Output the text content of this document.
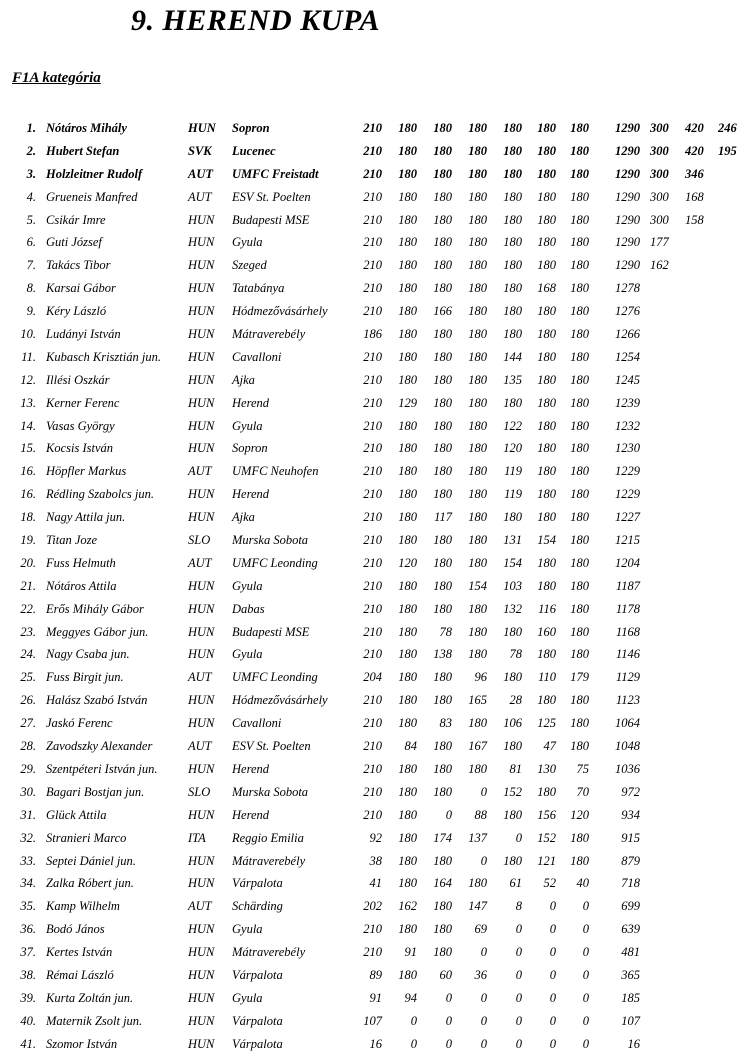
9. HEREND KUPA
F1A kategória
1. Nótáros Mihály	HUN Sopron	210	180	180	180	180	180	180	1290 300 420 246
2. Hubert Stefan	SVK Lucenec	210	180	180	180	180	180	180	1290 300 420 195
3. Holzleitner Rudolf	AUT UMFC Freistadt	210	180	180	180	180	180	180	1290 300 346
4. Grueneis Manfred	AUT ESV St. Poelten	210	180	180	180	180	180	180	1290 300 168
5. Csikár Imre	HUN Budapesti MSE	210	180	180	180	180	180	180	1290 300 158
6. Guti József	HUN Gyula	210	180	180	180	180	180	180	1290 177
7. Takács Tibor	HUN Szeged	210	180	180	180	180	180	180	1290 162
8. Karsai Gábor	HUN Tatabánya	210	180	180	180	180	168	180	1278
9. Kéry László	HUN Hódmezővásárhely	210	180	166	180	180	180	180	1276
10. Ludányi István	HUN Mátraverebély	186	180	180	180	180	180	180	1266
11. Kubasch Krisztián jun. HUN Cavalloni	210	180	180	180	144	180	180	1254
12. Illési Oszkár	HUN Ajka	210	180	180	180	135	180	180	1245
13. Kerner Ferenc	HUN Herend	210	129	180	180	180	180	180	1239
14. Vasas György	HUN Gyula	210	180	180	180	122	180	180	1232
15. Kocsis István	HUN Sopron	210	180	180	180	120	180	180	1230
16. Höpfler Markus	AUT UMFC Neuhofen	210	180	180	180	119	180	180	1229
16. Rédling Szabolcs jun.	HUN Herend	210	180	180	180	119	180	180	1229
18. Nagy Attila jun.	HUN Ajka	210	180	117	180	180	180	180	1227
19. Titan Joze	SLO Murska Sobota	210	180	180	180	131	154	180	1215
20. Fuss Helmuth	AUT UMFC Leonding	210	120	180	180	154	180	180	1204
21. Nótáros Attila	HUN Gyula	210	180	180	154	103	180	180	1187
22. Erős Mihály Gábor	HUN Dabas	210	180	180	180	132	116	180	1178
23. Meggyes Gábor jun.	HUN Budapesti MSE	210	180	78	180	180	160	180	1168
24. Nagy Csaba jun.	HUN Gyula	210	180	138	180	78	180	180	1146
25. Fuss Birgit jun.	AUT UMFC Leonding	204	180	180	96	180	110	179	1129
26. Halász Szabó István	HUN Hódmezővásárhely	210	180	180	165	28	180	180	1123
27. Jaskó Ferenc	HUN Cavalloni	210	180	83	180	106	125	180	1064
28. Zavodszky Alexander	AUT ESV St. Poelten	210	84	180	167	180	47	180	1048
29. Szentpéteri István jun. HUN Herend	210	180	180	180	81	130	75	1036
30. Bagari Bostjan jun.	SLO Murska Sobota	210	180	180	0	152	180	70	972
31. Glück Attila	HUN Herend	210	180	0	88	180	156	120	934
32. Stranieri Marco	ITA Reggio Emilia	92	180	174	137	0	152	180	915
33. Septei Dániel jun.	HUN Mátraverebély	38	180	180	0	180	121	180	879
34. Zalka Róbert jun.	HUN Várpalota	41	180	164	180	61	52	40	718
35. Kamp Wilhelm	AUT Schärding	202	162	180	147	8	0	0	699
36. Bodó János	HUN Gyula	210	180	180	69	0	0	0	639
37. Kertes István	HUN Mátraverebély	210	91	180	0	0	0	0	481
38. Rémai László	HUN Várpalota	89	180	60	36	0	0	0	365
39. Kurta Zoltán jun.	HUN Gyula	91	94	0	0	0	0	0	185
40. Maternik Zsolt jun.	HUN Várpalota	107	0	0	0	0	0	0	107
41. Szomor István	HUN Várpalota	16	0	0	0	0	0	0	16
